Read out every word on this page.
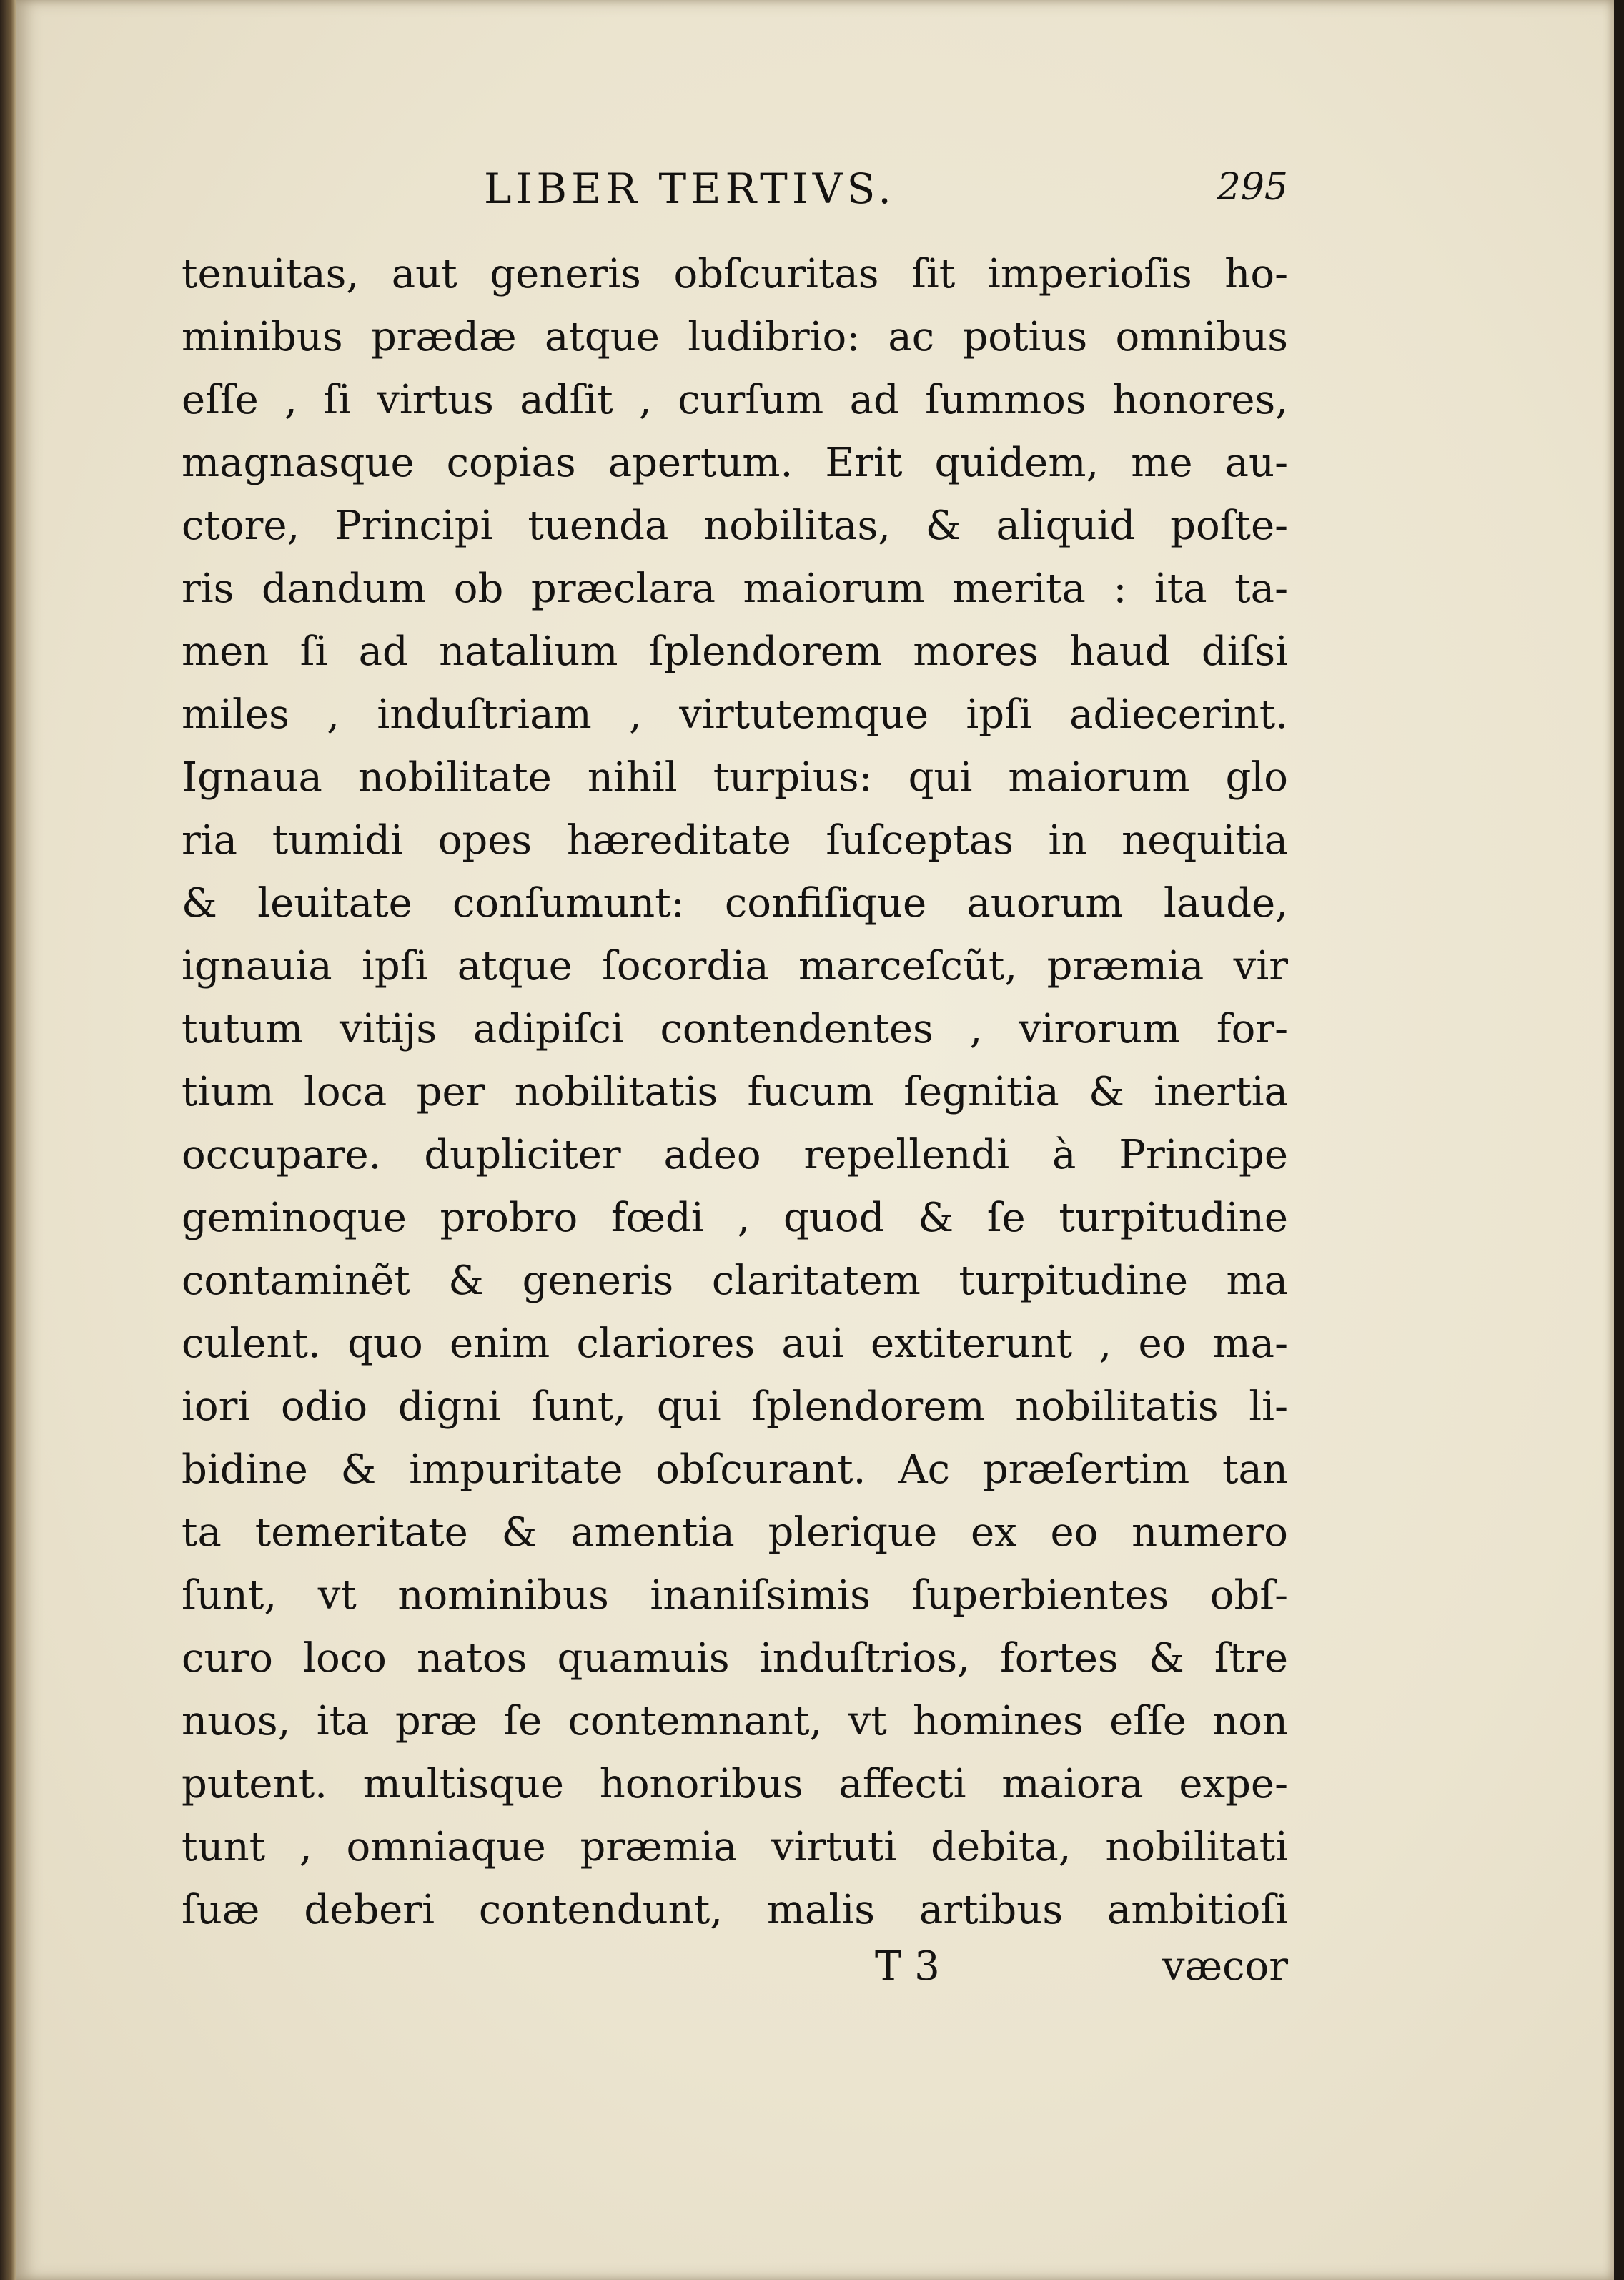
LIBER TERTIVS.	295
tenuitas, aut generis obſcuritas ſit imperioſis ho-
minibus prædæ atque ludibrio: ac potius omnibus
eſſe , ſi virtus adſit , curſum ad ſummos honores,
magnasque copias apertum. Erit quidem, me au-
ctore, Principi tuenda nobilitas, & aliquid poſte-
ris dandum ob præclara maiorum merita : ita ta-
men ſi ad natalium ſplendorem mores haud diſsi
miles , induſtriam , virtutemque ipſi adiecerint.
Ignaua nobilitate nihil turpius: qui maiorum glo
ria tumidi opes hæreditate ſuſceptas in nequitia
& leuitate conſumunt: confiſique auorum laude,
ignauia ipſi atque ſocordia marceſcũt, præmia vir
tutum vitijs adipiſci contendentes , virorum for-
tium loca per nobilitatis fucum ſegnitia & inertia
occupare. dupliciter adeo repellendi à Principe
geminoque probro fœdi , quod & ſe turpitudine
contaminẽt & generis claritatem turpitudine ma
culent. quo enim clariores aui extiterunt , eo ma-
iori odio digni ſunt, qui ſplendorem nobilitatis li-
bidine & impuritate obſcurant. Ac præſertim tan
ta temeritate & amentia plerique ex eo numero
ſunt, vt nominibus inaniſsimis ſuperbientes obſ-
curo loco natos quamuis induſtrios, fortes & ſtre
nuos, ita præ ſe contemnant, vt homines eſſe non
putent. multisque honoribus affecti maiora expe-
tunt , omniaque præmia virtuti debita, nobilitati
ſuæ deberi contendunt, malis artibus ambitioſi
T 3	væcor
